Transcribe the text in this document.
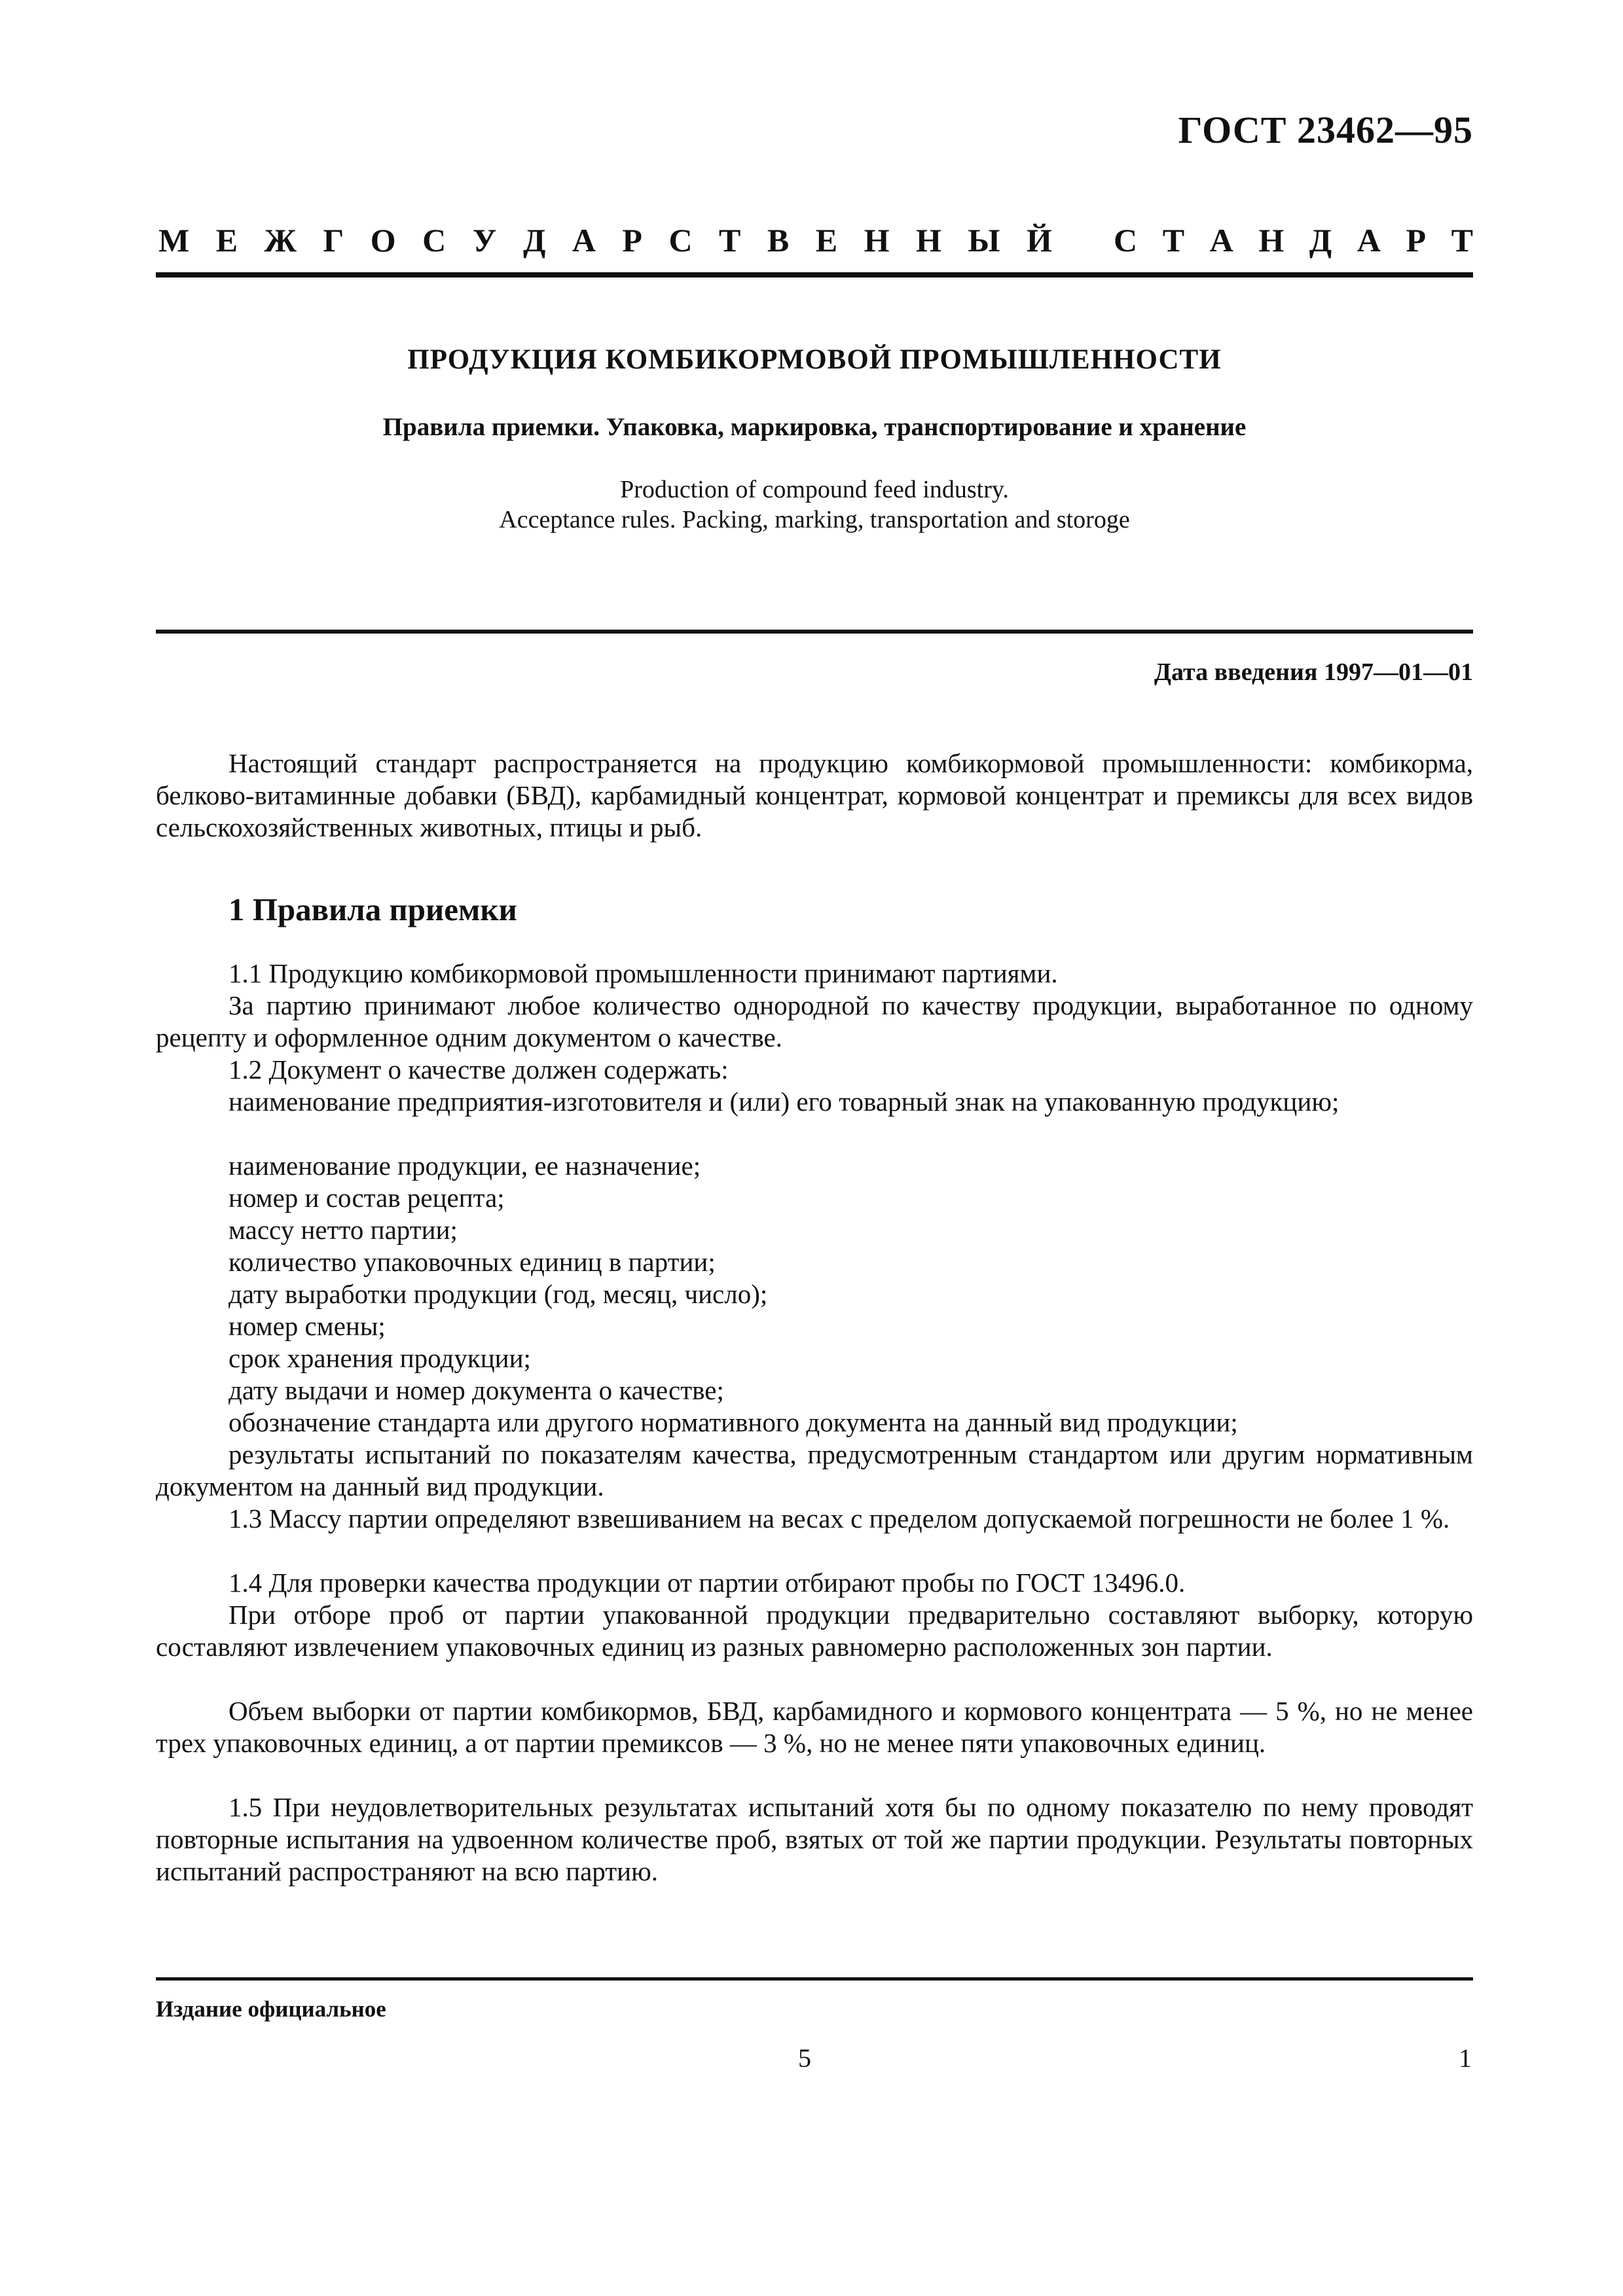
ГОСТ 23462—95
М Е Ж Г О С У Д А Р С Т В Е Н Н Ы Й С Т А Н Д А Р Т
ПРОДУКЦИЯ КОМБИКОРМОВОЙ ПРОМЫШЛЕННОСТИ
Правила приемки. Упаковка, маркировка, транспортирование и хранение
Production of compound feed industry.
Acceptance rules. Packing, marking, transportation and storoge
Дата введения 1997—01—01
Настоящий стандарт распространяется на продукцию комбикормовой промышленности: комбикорма, белково-витаминные добавки (БВД), карбамидный концентрат, кормовой концентрат и премиксы для всех видов сельскохозяйственных животных, птицы и рыб.
1 Правила приемки
1.1 Продукцию комбикормовой промышленности принимают партиями.
За партию принимают любое количество однородной по качеству продукции, выработанное по одному рецепту и оформленное одним документом о качестве.
1.2 Документ о качестве должен содержать:
наименование предприятия-изготовителя и (или) его товарный знак на упакованную продукцию;
наименование продукции, ее назначение;
номер и состав рецепта;
массу нетто партии;
количество упаковочных единиц в партии;
дату выработки продукции (год, месяц, число);
номер смены;
срок хранения продукции;
дату выдачи и номер документа о качестве;
обозначение стандарта или другого нормативного документа на данный вид продукции;
результаты испытаний по показателям качества, предусмотренным стандартом или другим нормативным документом на данный вид продукции.
1.3 Массу партии определяют взвешиванием на весах с пределом допускаемой погрешности не более 1 %.
1.4 Для проверки качества продукции от партии отбирают пробы по ГОСТ 13496.0.
При отборе проб от партии упакованной продукции предварительно составляют выборку, которую составляют извлечением упаковочных единиц из разных равномерно расположенных зон партии.
Объем выборки от партии комбикормов, БВД, карбамидного и кормового концентрата — 5 %, но не менее трех упаковочных единиц, а от партии премиксов — 3 %, но не менее пяти упаковочных единиц.
1.5 При неудовлетворительных результатах испытаний хотя бы по одному показателю по нему проводят повторные испытания на удвоенном количестве проб, взятых от той же партии продукции. Результаты повторных испытаний распространяют на всю партию.
Издание официальное
5	1
